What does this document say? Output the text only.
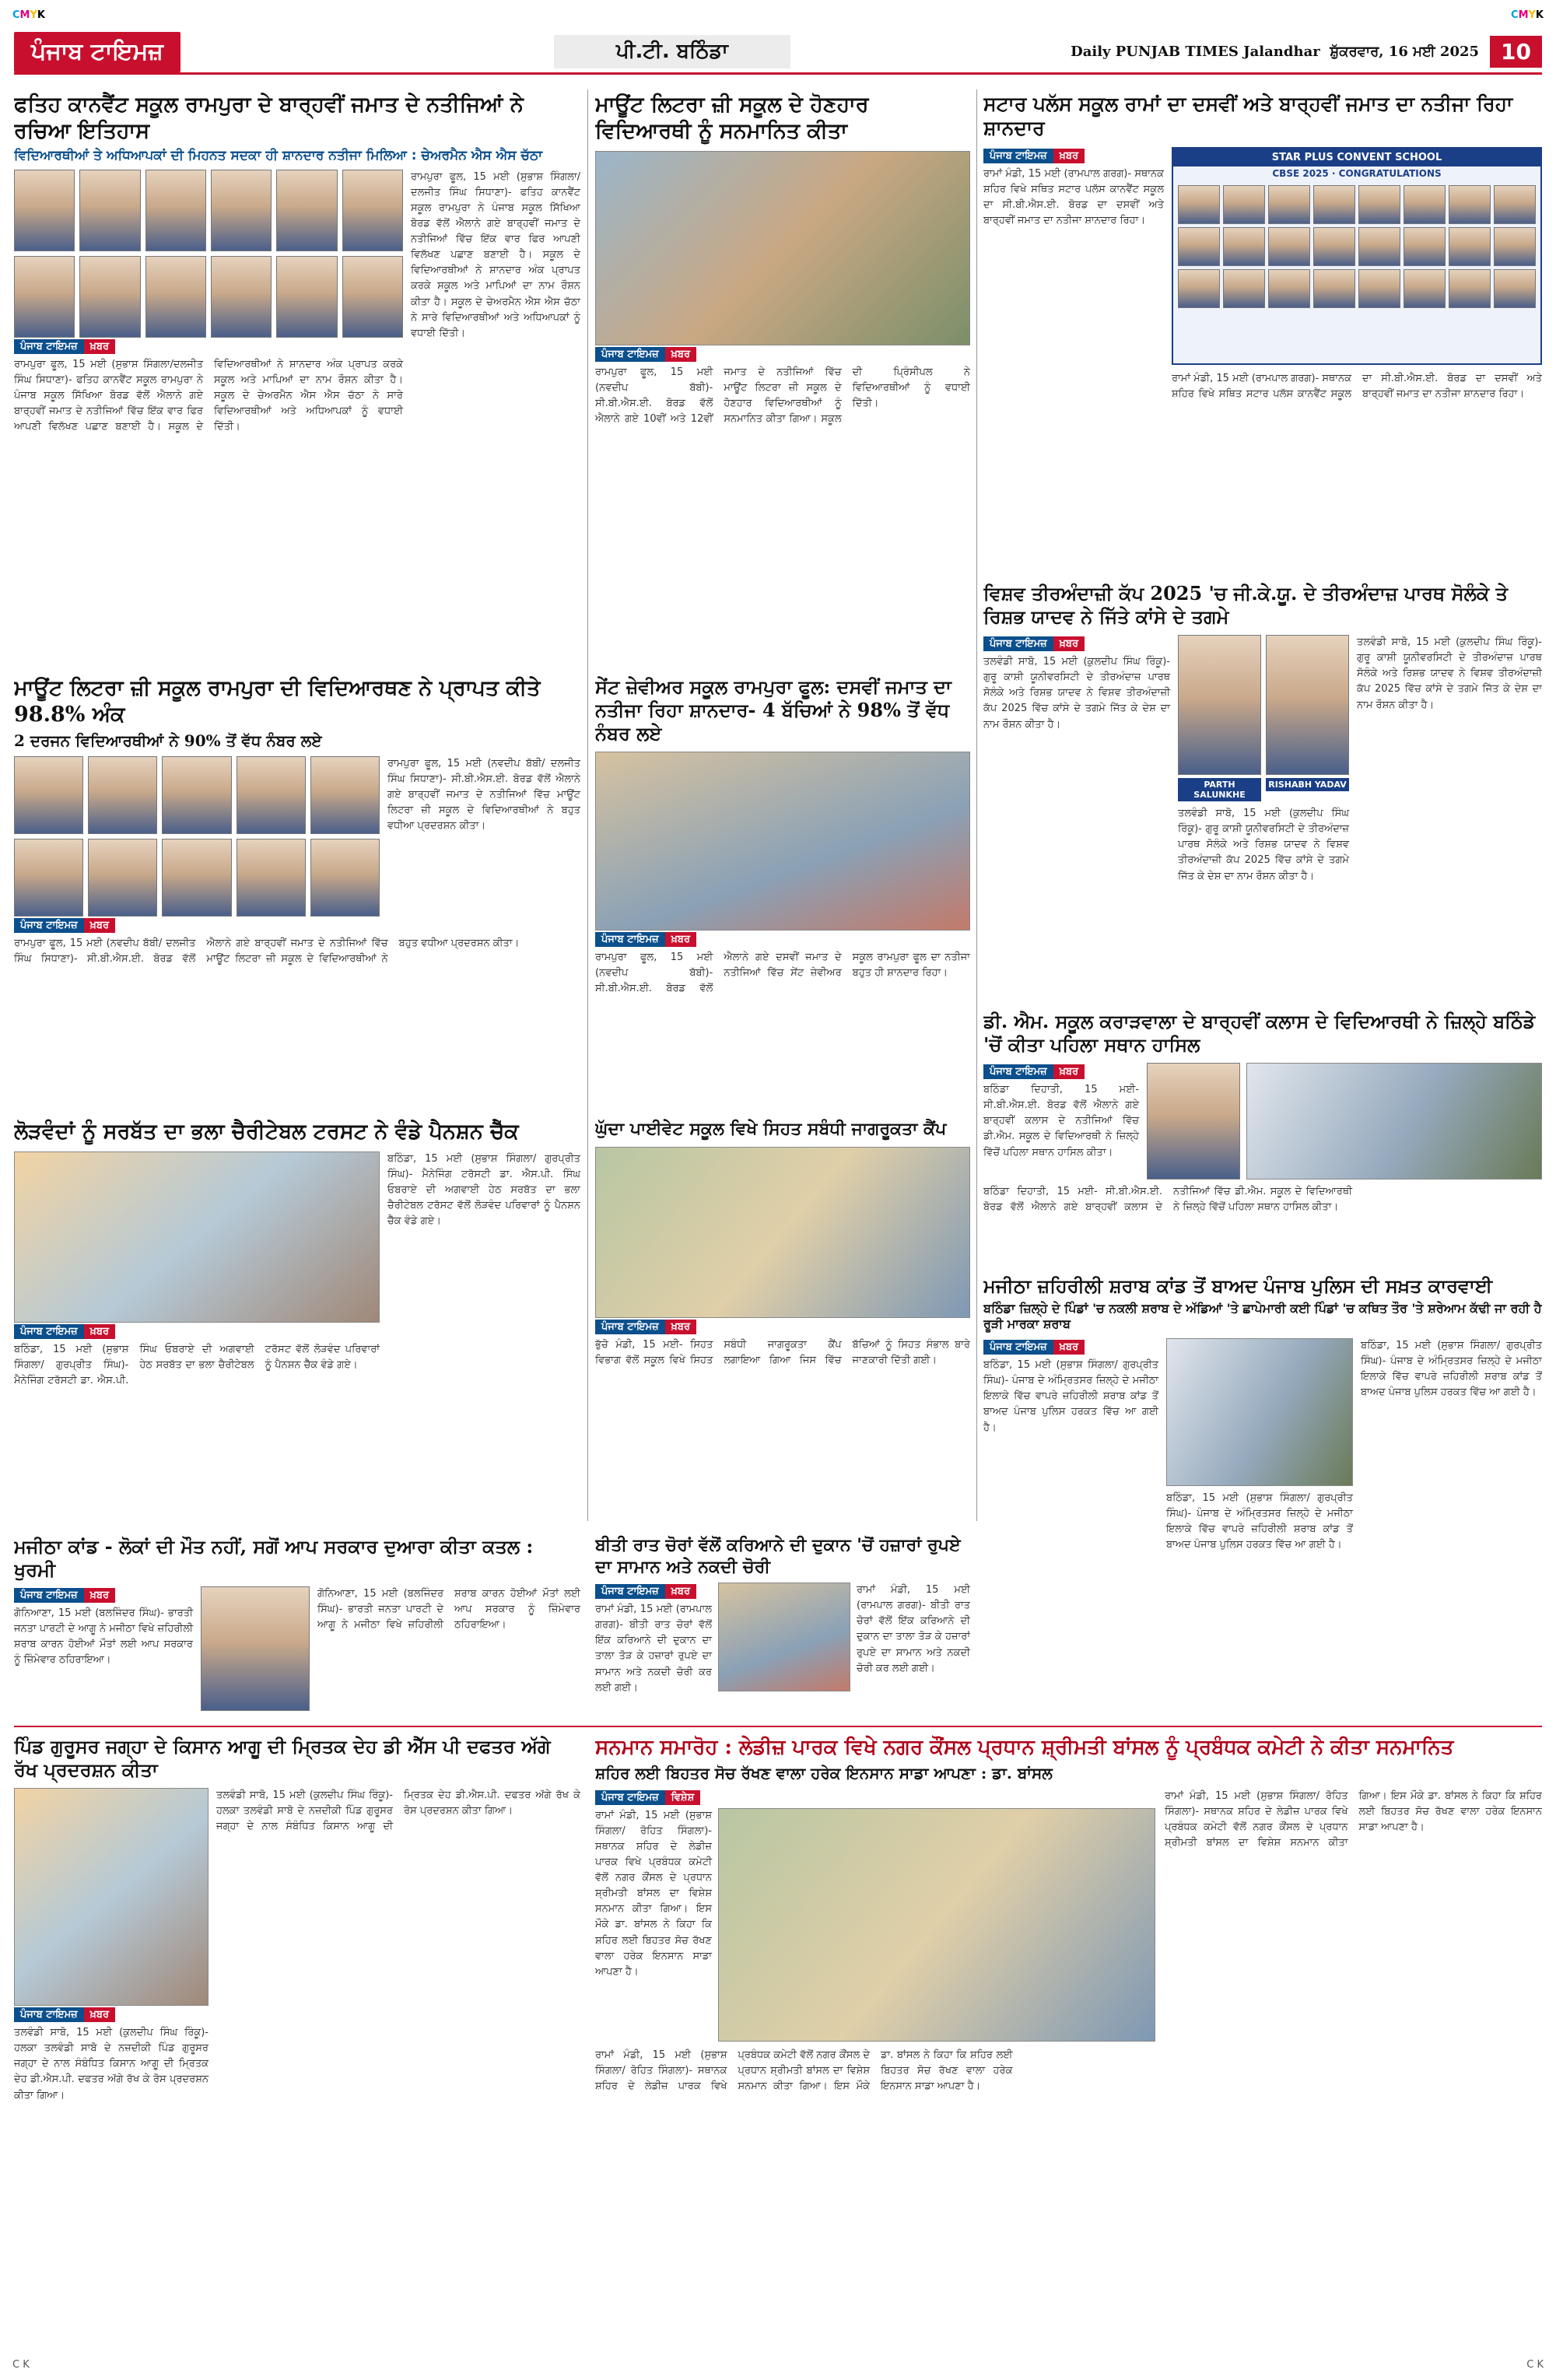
CMYK	CMYK
C K	C K
ਪੰਜਾਬ ਟਾਇਮਜ਼	ਪੀ.ਟੀ. ਬਠਿੰਡਾ	Daily PUNJAB TIMES Jalandhar ਸ਼ੁੱਕਰਵਾਰ, 16 ਮਈ 2025	10
ਫਤਿਹ ਕਾਨਵੈਂਟ ਸਕੂਲ ਰਾਮਪੁਰਾ ਦੇ ਬਾਰ੍ਹਵੀਂ ਜਮਾਤ ਦੇ ਨਤੀਜਿਆਂ ਨੇ ਰਚਿਆ ਇਤਿਹਾਸ
ਵਿਦਿਆਰਥੀਆਂ ਤੇ ਅਧਿਆਪਕਾਂ ਦੀ ਮਿਹਨਤ ਸਦਕਾ ਹੀ ਸ਼ਾਨਦਾਰ ਨਤੀਜਾ ਮਿਲਿਆ : ਚੇਅਰਮੈਨ ਐਸ ਐਸ ਚੱਠਾ
ਪੰਜਾਬ ਟਾਇਮਜ਼ ਖ਼ਬਰ
ਰਾਮਪੁਰਾ ਫੂਲ, 15 ਮਈ (ਸੁਭਾਸ਼ ਸਿੰਗਲਾ/ਦਲਜੀਤ ਸਿੰਘ ਸਿਧਾਣਾ)- ਫਤਿਹ ਕਾਨਵੈਂਟ ਸਕੂਲ ਰਾਮਪੁਰਾ ਨੇ ਪੰਜਾਬ ਸਕੂਲ ਸਿੱਖਿਆ ਬੋਰਡ ਵੱਲੋਂ ਐਲਾਨੇ ਗਏ ਬਾਰ੍ਹਵੀਂ ਜਮਾਤ ਦੇ ਨਤੀਜਿਆਂ ਵਿੱਚ ਇੱਕ ਵਾਰ ਫਿਰ ਆਪਣੀ ਵਿਲੱਖਣ ਪਛਾਣ ਬਣਾਈ ਹੈ। ਸਕੂਲ ਦੇ ਵਿਦਿਆਰਥੀਆਂ ਨੇ ਸ਼ਾਨਦਾਰ ਅੰਕ ਪ੍ਰਾਪਤ ਕਰਕੇ ਸਕੂਲ ਅਤੇ ਮਾਪਿਆਂ ਦਾ ਨਾਮ ਰੌਸ਼ਨ ਕੀਤਾ ਹੈ। ਸਕੂਲ ਦੇ ਚੇਅਰਮੈਨ ਐਸ ਐਸ ਚੱਠਾ ਨੇ ਸਾਰੇ ਵਿਦਿਆਰਥੀਆਂ ਅਤੇ ਅਧਿਆਪਕਾਂ ਨੂੰ ਵਧਾਈ ਦਿੱਤੀ।
ਰਾਮਪੁਰਾ ਫੂਲ, 15 ਮਈ (ਸੁਭਾਸ਼ ਸਿੰਗਲਾ/ਦਲਜੀਤ ਸਿੰਘ ਸਿਧਾਣਾ)- ਫਤਿਹ ਕਾਨਵੈਂਟ ਸਕੂਲ ਰਾਮਪੁਰਾ ਨੇ ਪੰਜਾਬ ਸਕੂਲ ਸਿੱਖਿਆ ਬੋਰਡ ਵੱਲੋਂ ਐਲਾਨੇ ਗਏ ਬਾਰ੍ਹਵੀਂ ਜਮਾਤ ਦੇ ਨਤੀਜਿਆਂ ਵਿੱਚ ਇੱਕ ਵਾਰ ਫਿਰ ਆਪਣੀ ਵਿਲੱਖਣ ਪਛਾਣ ਬਣਾਈ ਹੈ। ਸਕੂਲ ਦੇ ਵਿਦਿਆਰਥੀਆਂ ਨੇ ਸ਼ਾਨਦਾਰ ਅੰਕ ਪ੍ਰਾਪਤ ਕਰਕੇ ਸਕੂਲ ਅਤੇ ਮਾਪਿਆਂ ਦਾ ਨਾਮ ਰੌਸ਼ਨ ਕੀਤਾ ਹੈ। ਸਕੂਲ ਦੇ ਚੇਅਰਮੈਨ ਐਸ ਐਸ ਚੱਠਾ ਨੇ ਸਾਰੇ ਵਿਦਿਆਰਥੀਆਂ ਅਤੇ ਅਧਿਆਪਕਾਂ ਨੂੰ ਵਧਾਈ ਦਿੱਤੀ।
ਮਾਊਂਟ ਲਿਟਰਾ ਜ਼ੀ ਸਕੂਲ ਦੇ ਹੋਣਹਾਰ ਵਿਦਿਆਰਥੀ ਨੂੰ ਸਨਮਾਨਿਤ ਕੀਤਾ
ਪੰਜਾਬ ਟਾਇਮਜ਼ ਖ਼ਬਰ
ਰਾਮਪੁਰਾ ਫੂਲ, 15 ਮਈ (ਨਵਦੀਪ ਬੱਬੀ)- ਸੀ.ਬੀ.ਐਸ.ਈ. ਬੋਰਡ ਵੱਲੋਂ ਐਲਾਨੇ ਗਏ 10ਵੀਂ ਅਤੇ 12ਵੀਂ ਜਮਾਤ ਦੇ ਨਤੀਜਿਆਂ ਵਿੱਚ ਮਾਊਂਟ ਲਿਟਰਾ ਜ਼ੀ ਸਕੂਲ ਦੇ ਹੋਣਹਾਰ ਵਿਦਿਆਰਥੀਆਂ ਨੂੰ ਸਨਮਾਨਿਤ ਕੀਤਾ ਗਿਆ। ਸਕੂਲ ਦੀ ਪ੍ਰਿੰਸੀਪਲ ਨੇ ਵਿਦਿਆਰਥੀਆਂ ਨੂੰ ਵਧਾਈ ਦਿੱਤੀ।
ਸਟਾਰ ਪਲੱਸ ਸਕੂਲ ਰਾਮਾਂ ਦਾ ਦਸਵੀਂ ਅਤੇ ਬਾਰ੍ਹਵੀਂ ਜਮਾਤ ਦਾ ਨਤੀਜਾ ਰਿਹਾ ਸ਼ਾਨਦਾਰ
ਪੰਜਾਬ ਟਾਇਮਜ਼ ਖ਼ਬਰ
ਰਾਮਾਂ ਮੰਡੀ, 15 ਮਈ (ਰਾਮਪਾਲ ਗਰਗ)- ਸਥਾਨਕ ਸ਼ਹਿਰ ਵਿਖੇ ਸਥਿਤ ਸਟਾਰ ਪਲੱਸ ਕਾਨਵੈਂਟ ਸਕੂਲ ਦਾ ਸੀ.ਬੀ.ਐਸ.ਈ. ਬੋਰਡ ਦਾ ਦਸਵੀਂ ਅਤੇ ਬਾਰ੍ਹਵੀਂ ਜਮਾਤ ਦਾ ਨਤੀਜਾ ਸ਼ਾਨਦਾਰ ਰਿਹਾ।
STAR PLUS CONVENT SCHOOL
CBSE 2025 · CONGRATULATIONS
ਰਾਮਾਂ ਮੰਡੀ, 15 ਮਈ (ਰਾਮਪਾਲ ਗਰਗ)- ਸਥਾਨਕ ਸ਼ਹਿਰ ਵਿਖੇ ਸਥਿਤ ਸਟਾਰ ਪਲੱਸ ਕਾਨਵੈਂਟ ਸਕੂਲ ਦਾ ਸੀ.ਬੀ.ਐਸ.ਈ. ਬੋਰਡ ਦਾ ਦਸਵੀਂ ਅਤੇ ਬਾਰ੍ਹਵੀਂ ਜਮਾਤ ਦਾ ਨਤੀਜਾ ਸ਼ਾਨਦਾਰ ਰਿਹਾ।
ਮਾਊਂਟ ਲਿਟਰਾ ਜ਼ੀ ਸਕੂਲ ਰਾਮਪੁਰਾ ਦੀ ਵਿਦਿਆਰਥਣ ਨੇ ਪ੍ਰਾਪਤ ਕੀਤੇ 98.8% ਅੰਕ
2 ਦਰਜਨ ਵਿਦਿਆਰਥੀਆਂ ਨੇ 90% ਤੋਂ ਵੱਧ ਨੰਬਰ ਲਏ
ਰਾਮਪੁਰਾ ਫੂਲ, 15 ਮਈ (ਨਵਦੀਪ ਬੱਬੀ/ ਦਲਜੀਤ ਸਿੰਘ ਸਿਧਾਣਾ)- ਸੀ.ਬੀ.ਐਸ.ਈ. ਬੋਰਡ ਵੱਲੋਂ ਐਲਾਨੇ ਗਏ ਬਾਰ੍ਹਵੀਂ ਜਮਾਤ ਦੇ ਨਤੀਜਿਆਂ ਵਿੱਚ ਮਾਊਂਟ ਲਿਟਰਾ ਜ਼ੀ ਸਕੂਲ ਦੇ ਵਿਦਿਆਰਥੀਆਂ ਨੇ ਬਹੁਤ ਵਧੀਆ ਪ੍ਰਦਰਸ਼ਨ ਕੀਤਾ।
ਪੰਜਾਬ ਟਾਇਮਜ਼ ਖ਼ਬਰ
ਰਾਮਪੁਰਾ ਫੂਲ, 15 ਮਈ (ਨਵਦੀਪ ਬੱਬੀ/ ਦਲਜੀਤ ਸਿੰਘ ਸਿਧਾਣਾ)- ਸੀ.ਬੀ.ਐਸ.ਈ. ਬੋਰਡ ਵੱਲੋਂ ਐਲਾਨੇ ਗਏ ਬਾਰ੍ਹਵੀਂ ਜਮਾਤ ਦੇ ਨਤੀਜਿਆਂ ਵਿੱਚ ਮਾਊਂਟ ਲਿਟਰਾ ਜ਼ੀ ਸਕੂਲ ਦੇ ਵਿਦਿਆਰਥੀਆਂ ਨੇ ਬਹੁਤ ਵਧੀਆ ਪ੍ਰਦਰਸ਼ਨ ਕੀਤਾ।
ਸੇਂਟ ਜ਼ੇਵੀਅਰ ਸਕੂਲ ਰਾਮਪੁਰਾ ਫੂਲ: ਦਸਵੀਂ ਜਮਾਤ ਦਾ ਨਤੀਜਾ ਰਿਹਾ ਸ਼ਾਨਦਾਰ- 4 ਬੱਚਿਆਂ ਨੇ 98% ਤੋਂ ਵੱਧ ਨੰਬਰ ਲਏ
ਪੰਜਾਬ ਟਾਇਮਜ਼ ਖ਼ਬਰ
ਰਾਮਪੁਰਾ ਫੂਲ, 15 ਮਈ (ਨਵਦੀਪ ਬੱਬੀ)- ਸੀ.ਬੀ.ਐਸ.ਈ. ਬੋਰਡ ਵੱਲੋਂ ਐਲਾਨੇ ਗਏ ਦਸਵੀਂ ਜਮਾਤ ਦੇ ਨਤੀਜਿਆਂ ਵਿੱਚ ਸੇਂਟ ਜ਼ੇਵੀਅਰ ਸਕੂਲ ਰਾਮਪੁਰਾ ਫੂਲ ਦਾ ਨਤੀਜਾ ਬਹੁਤ ਹੀ ਸ਼ਾਨਦਾਰ ਰਿਹਾ।
ਵਿਸ਼ਵ ਤੀਰਅੰਦਾਜ਼ੀ ਕੱਪ 2025 'ਚ ਜੀ.ਕੇ.ਯੂ. ਦੇ ਤੀਰਅੰਦਾਜ਼ ਪਾਰਥ ਸੋਲੰਕੇ ਤੇ ਰਿਸ਼ਭ ਯਾਦਵ ਨੇ ਜਿੱਤੇ ਕਾਂਸੇ ਦੇ ਤਗਮੇ
ਪੰਜਾਬ ਟਾਇਮਜ਼ ਖ਼ਬਰ
ਤਲਵੰਡੀ ਸਾਬੋ, 15 ਮਈ (ਕੁਲਦੀਪ ਸਿੰਘ ਰਿੰਕੂ)- ਗੁਰੂ ਕਾਸ਼ੀ ਯੂਨੀਵਰਸਿਟੀ ਦੇ ਤੀਰਅੰਦਾਜ਼ ਪਾਰਥ ਸੋਲੰਕੇ ਅਤੇ ਰਿਸ਼ਭ ਯਾਦਵ ਨੇ ਵਿਸ਼ਵ ਤੀਰਅੰਦਾਜ਼ੀ ਕੱਪ 2025 ਵਿੱਚ ਕਾਂਸੇ ਦੇ ਤਗਮੇ ਜਿੱਤ ਕੇ ਦੇਸ਼ ਦਾ ਨਾਮ ਰੌਸ਼ਨ ਕੀਤਾ ਹੈ।
PARTH SALUNKHE
RISHABH YADAV
ਤਲਵੰਡੀ ਸਾਬੋ, 15 ਮਈ (ਕੁਲਦੀਪ ਸਿੰਘ ਰਿੰਕੂ)- ਗੁਰੂ ਕਾਸ਼ੀ ਯੂਨੀਵਰਸਿਟੀ ਦੇ ਤੀਰਅੰਦਾਜ਼ ਪਾਰਥ ਸੋਲੰਕੇ ਅਤੇ ਰਿਸ਼ਭ ਯਾਦਵ ਨੇ ਵਿਸ਼ਵ ਤੀਰਅੰਦਾਜ਼ੀ ਕੱਪ 2025 ਵਿੱਚ ਕਾਂਸੇ ਦੇ ਤਗਮੇ ਜਿੱਤ ਕੇ ਦੇਸ਼ ਦਾ ਨਾਮ ਰੌਸ਼ਨ ਕੀਤਾ ਹੈ।
ਤਲਵੰਡੀ ਸਾਬੋ, 15 ਮਈ (ਕੁਲਦੀਪ ਸਿੰਘ ਰਿੰਕੂ)- ਗੁਰੂ ਕਾਸ਼ੀ ਯੂਨੀਵਰਸਿਟੀ ਦੇ ਤੀਰਅੰਦਾਜ਼ ਪਾਰਥ ਸੋਲੰਕੇ ਅਤੇ ਰਿਸ਼ਭ ਯਾਦਵ ਨੇ ਵਿਸ਼ਵ ਤੀਰਅੰਦਾਜ਼ੀ ਕੱਪ 2025 ਵਿੱਚ ਕਾਂਸੇ ਦੇ ਤਗਮੇ ਜਿੱਤ ਕੇ ਦੇਸ਼ ਦਾ ਨਾਮ ਰੌਸ਼ਨ ਕੀਤਾ ਹੈ।
ਡੀ. ਐਮ. ਸਕੂਲ ਕਰਾੜਵਾਲਾ ਦੇ ਬਾਰ੍ਹਵੀਂ ਕਲਾਸ ਦੇ ਵਿਦਿਆਰਥੀ ਨੇ ਜ਼ਿਲ੍ਹੇ ਬਠਿੰਡੇ 'ਚੋਂ ਕੀਤਾ ਪਹਿਲਾ ਸਥਾਨ ਹਾਸਿਲ
ਪੰਜਾਬ ਟਾਇਮਜ਼ ਖ਼ਬਰ
ਬਠਿੰਡਾ ਦਿਹਾਤੀ, 15 ਮਈ- ਸੀ.ਬੀ.ਐਸ.ਈ. ਬੋਰਡ ਵੱਲੋਂ ਐਲਾਨੇ ਗਏ ਬਾਰ੍ਹਵੀਂ ਕਲਾਸ ਦੇ ਨਤੀਜਿਆਂ ਵਿੱਚ ਡੀ.ਐਮ. ਸਕੂਲ ਦੇ ਵਿਦਿਆਰਥੀ ਨੇ ਜ਼ਿਲ੍ਹੇ ਵਿੱਚੋਂ ਪਹਿਲਾ ਸਥਾਨ ਹਾਸਿਲ ਕੀਤਾ।
ਬਠਿੰਡਾ ਦਿਹਾਤੀ, 15 ਮਈ- ਸੀ.ਬੀ.ਐਸ.ਈ. ਬੋਰਡ ਵੱਲੋਂ ਐਲਾਨੇ ਗਏ ਬਾਰ੍ਹਵੀਂ ਕਲਾਸ ਦੇ ਨਤੀਜਿਆਂ ਵਿੱਚ ਡੀ.ਐਮ. ਸਕੂਲ ਦੇ ਵਿਦਿਆਰਥੀ ਨੇ ਜ਼ਿਲ੍ਹੇ ਵਿੱਚੋਂ ਪਹਿਲਾ ਸਥਾਨ ਹਾਸਿਲ ਕੀਤਾ।
ਲੋੜਵੰਦਾਂ ਨੂੰ ਸਰਬੱਤ ਦਾ ਭਲਾ ਚੈਰੀਟੇਬਲ ਟਰਸਟ ਨੇ ਵੰਡੇ ਪੈਨਸ਼ਨ ਚੈੱਕ
ਪੰਜਾਬ ਟਾਇਮਜ਼ ਖ਼ਬਰ
ਬਠਿੰਡਾ, 15 ਮਈ (ਸੁਭਾਸ਼ ਸਿੰਗਲਾ/ ਗੁਰਪ੍ਰੀਤ ਸਿੰਘ)- ਮੈਨੇਜਿੰਗ ਟਰੱਸਟੀ ਡਾ. ਐਸ.ਪੀ. ਸਿੰਘ ਓਬਰਾਏ ਦੀ ਅਗਵਾਈ ਹੇਠ ਸਰਬੱਤ ਦਾ ਭਲਾ ਚੈਰੀਟੇਬਲ ਟਰੱਸਟ ਵੱਲੋਂ ਲੋੜਵੰਦ ਪਰਿਵਾਰਾਂ ਨੂੰ ਪੈਨਸ਼ਨ ਚੈੱਕ ਵੰਡੇ ਗਏ।
ਬਠਿੰਡਾ, 15 ਮਈ (ਸੁਭਾਸ਼ ਸਿੰਗਲਾ/ ਗੁਰਪ੍ਰੀਤ ਸਿੰਘ)- ਮੈਨੇਜਿੰਗ ਟਰੱਸਟੀ ਡਾ. ਐਸ.ਪੀ. ਸਿੰਘ ਓਬਰਾਏ ਦੀ ਅਗਵਾਈ ਹੇਠ ਸਰਬੱਤ ਦਾ ਭਲਾ ਚੈਰੀਟੇਬਲ ਟਰੱਸਟ ਵੱਲੋਂ ਲੋੜਵੰਦ ਪਰਿਵਾਰਾਂ ਨੂੰ ਪੈਨਸ਼ਨ ਚੈੱਕ ਵੰਡੇ ਗਏ।
ਘੁੱਦਾ ਪਾਈਵੇਟ ਸਕੂਲ ਵਿਖੇ ਸਿਹਤ ਸਬੰਧੀ ਜਾਗਰੂਕਤਾ ਕੈਂਪ
ਪੰਜਾਬ ਟਾਇਮਜ਼ ਖ਼ਬਰ
ਭੁੱਚੋ ਮੰਡੀ, 15 ਮਈ- ਸਿਹਤ ਵਿਭਾਗ ਵੱਲੋਂ ਸਕੂਲ ਵਿਖੇ ਸਿਹਤ ਸਬੰਧੀ ਜਾਗਰੂਕਤਾ ਕੈਂਪ ਲਗਾਇਆ ਗਿਆ ਜਿਸ ਵਿੱਚ ਬੱਚਿਆਂ ਨੂੰ ਸਿਹਤ ਸੰਭਾਲ ਬਾਰੇ ਜਾਣਕਾਰੀ ਦਿੱਤੀ ਗਈ।
ਮਜੀਠਾ ਜ਼ਹਿਰੀਲੀ ਸ਼ਰਾਬ ਕਾਂਡ ਤੋਂ ਬਾਅਦ ਪੰਜਾਬ ਪੁਲਿਸ ਦੀ ਸਖ਼ਤ ਕਾਰਵਾਈ
ਬਠਿੰਡਾ ਜ਼ਿਲ੍ਹੇ ਦੇ ਪਿੰਡਾਂ 'ਚ ਨਕਲੀ ਸ਼ਰਾਬ ਦੇ ਅੱਡਿਆਂ 'ਤੇ ਛਾਪੇਮਾਰੀ ਕਈ ਪਿੰਡਾਂ 'ਚ ਕਥਿਤ ਤੌਰ 'ਤੇ ਸ਼ਰੇਆਮ ਕੱਢੀ ਜਾ ਰਹੀ ਹੈ ਰੂੜੀ ਮਾਰਕਾ ਸ਼ਰਾਬ
ਪੰਜਾਬ ਟਾਇਮਜ਼ ਖ਼ਬਰ
ਬਠਿੰਡਾ, 15 ਮਈ (ਸੁਭਾਸ਼ ਸਿੰਗਲਾ/ ਗੁਰਪ੍ਰੀਤ ਸਿੰਘ)- ਪੰਜਾਬ ਦੇ ਅੰਮ੍ਰਿਤਸਰ ਜ਼ਿਲ੍ਹੇ ਦੇ ਮਜੀਠਾ ਇਲਾਕੇ ਵਿੱਚ ਵਾਪਰੇ ਜ਼ਹਿਰੀਲੀ ਸ਼ਰਾਬ ਕਾਂਡ ਤੋਂ ਬਾਅਦ ਪੰਜਾਬ ਪੁਲਿਸ ਹਰਕਤ ਵਿੱਚ ਆ ਗਈ ਹੈ।
ਬਠਿੰਡਾ, 15 ਮਈ (ਸੁਭਾਸ਼ ਸਿੰਗਲਾ/ ਗੁਰਪ੍ਰੀਤ ਸਿੰਘ)- ਪੰਜਾਬ ਦੇ ਅੰਮ੍ਰਿਤਸਰ ਜ਼ਿਲ੍ਹੇ ਦੇ ਮਜੀਠਾ ਇਲਾਕੇ ਵਿੱਚ ਵਾਪਰੇ ਜ਼ਹਿਰੀਲੀ ਸ਼ਰਾਬ ਕਾਂਡ ਤੋਂ ਬਾਅਦ ਪੰਜਾਬ ਪੁਲਿਸ ਹਰਕਤ ਵਿੱਚ ਆ ਗਈ ਹੈ।
ਬਠਿੰਡਾ, 15 ਮਈ (ਸੁਭਾਸ਼ ਸਿੰਗਲਾ/ ਗੁਰਪ੍ਰੀਤ ਸਿੰਘ)- ਪੰਜਾਬ ਦੇ ਅੰਮ੍ਰਿਤਸਰ ਜ਼ਿਲ੍ਹੇ ਦੇ ਮਜੀਠਾ ਇਲਾਕੇ ਵਿੱਚ ਵਾਪਰੇ ਜ਼ਹਿਰੀਲੀ ਸ਼ਰਾਬ ਕਾਂਡ ਤੋਂ ਬਾਅਦ ਪੰਜਾਬ ਪੁਲਿਸ ਹਰਕਤ ਵਿੱਚ ਆ ਗਈ ਹੈ।
ਬੀਤੀ ਰਾਤ ਚੋਰਾਂ ਵੱਲੋਂ ਕਰਿਆਨੇ ਦੀ ਦੁਕਾਨ 'ਚੋਂ ਹਜ਼ਾਰਾਂ ਰੁਪਏ ਦਾ ਸਾਮਾਨ ਅਤੇ ਨਕਦੀ ਚੋਰੀ
ਪੰਜਾਬ ਟਾਇਮਜ਼ ਖ਼ਬਰ
ਰਾਮਾਂ ਮੰਡੀ, 15 ਮਈ (ਰਾਮਪਾਲ ਗਰਗ)- ਬੀਤੀ ਰਾਤ ਚੋਰਾਂ ਵੱਲੋਂ ਇੱਕ ਕਰਿਆਨੇ ਦੀ ਦੁਕਾਨ ਦਾ ਤਾਲਾ ਤੋੜ ਕੇ ਹਜ਼ਾਰਾਂ ਰੁਪਏ ਦਾ ਸਾਮਾਨ ਅਤੇ ਨਕਦੀ ਚੋਰੀ ਕਰ ਲਈ ਗਈ।
ਰਾਮਾਂ ਮੰਡੀ, 15 ਮਈ (ਰਾਮਪਾਲ ਗਰਗ)- ਬੀਤੀ ਰਾਤ ਚੋਰਾਂ ਵੱਲੋਂ ਇੱਕ ਕਰਿਆਨੇ ਦੀ ਦੁਕਾਨ ਦਾ ਤਾਲਾ ਤੋੜ ਕੇ ਹਜ਼ਾਰਾਂ ਰੁਪਏ ਦਾ ਸਾਮਾਨ ਅਤੇ ਨਕਦੀ ਚੋਰੀ ਕਰ ਲਈ ਗਈ।
ਮਜੀਠਾ ਕਾਂਡ - ਲੋਕਾਂ ਦੀ ਮੌਤ ਨਹੀਂ, ਸਗੋਂ ਆਪ ਸਰਕਾਰ ਦੁਆਰਾ ਕੀਤਾ ਕਤਲ : ਖੁਰਮੀ
ਪੰਜਾਬ ਟਾਇਮਜ਼ ਖ਼ਬਰ
ਗੋਨਿਆਣਾ, 15 ਮਈ (ਬਲਜਿੰਦਰ ਸਿੰਘ)- ਭਾਰਤੀ ਜਨਤਾ ਪਾਰਟੀ ਦੇ ਆਗੂ ਨੇ ਮਜੀਠਾ ਵਿਖੇ ਜ਼ਹਿਰੀਲੀ ਸ਼ਰਾਬ ਕਾਰਨ ਹੋਈਆਂ ਮੌਤਾਂ ਲਈ ਆਪ ਸਰਕਾਰ ਨੂੰ ਜ਼ਿੰਮੇਵਾਰ ਠਹਿਰਾਇਆ।
ਗੋਨਿਆਣਾ, 15 ਮਈ (ਬਲਜਿੰਦਰ ਸਿੰਘ)- ਭਾਰਤੀ ਜਨਤਾ ਪਾਰਟੀ ਦੇ ਆਗੂ ਨੇ ਮਜੀਠਾ ਵਿਖੇ ਜ਼ਹਿਰੀਲੀ ਸ਼ਰਾਬ ਕਾਰਨ ਹੋਈਆਂ ਮੌਤਾਂ ਲਈ ਆਪ ਸਰਕਾਰ ਨੂੰ ਜ਼ਿੰਮੇਵਾਰ ਠਹਿਰਾਇਆ।
ਪਿੰਡ ਗੁਰੂਸਰ ਜਗ੍ਹਾ ਦੇ ਕਿਸਾਨ ਆਗੂ ਦੀ ਮ੍ਰਿਤਕ ਦੇਹ ਡੀ ਐੱਸ ਪੀ ਦਫਤਰ ਅੱਗੇ ਰੱਖ ਪ੍ਰਦਰਸ਼ਨ ਕੀਤਾ
ਪੰਜਾਬ ਟਾਇਮਜ਼ ਖ਼ਬਰ
ਤਲਵੰਡੀ ਸਾਬੋ, 15 ਮਈ (ਕੁਲਦੀਪ ਸਿੰਘ ਰਿੰਕੂ)- ਹਲਕਾ ਤਲਵੰਡੀ ਸਾਬੋ ਦੇ ਨਜ਼ਦੀਕੀ ਪਿੰਡ ਗੁਰੂਸਰ ਜਗ੍ਹਾ ਦੇ ਨਾਲ ਸੰਬੰਧਿਤ ਕਿਸਾਨ ਆਗੂ ਦੀ ਮ੍ਰਿਤਕ ਦੇਹ ਡੀ.ਐਸ.ਪੀ. ਦਫਤਰ ਅੱਗੇ ਰੱਖ ਕੇ ਰੋਸ ਪ੍ਰਦਰਸ਼ਨ ਕੀਤਾ ਗਿਆ।
ਤਲਵੰਡੀ ਸਾਬੋ, 15 ਮਈ (ਕੁਲਦੀਪ ਸਿੰਘ ਰਿੰਕੂ)- ਹਲਕਾ ਤਲਵੰਡੀ ਸਾਬੋ ਦੇ ਨਜ਼ਦੀਕੀ ਪਿੰਡ ਗੁਰੂਸਰ ਜਗ੍ਹਾ ਦੇ ਨਾਲ ਸੰਬੰਧਿਤ ਕਿਸਾਨ ਆਗੂ ਦੀ ਮ੍ਰਿਤਕ ਦੇਹ ਡੀ.ਐਸ.ਪੀ. ਦਫਤਰ ਅੱਗੇ ਰੱਖ ਕੇ ਰੋਸ ਪ੍ਰਦਰਸ਼ਨ ਕੀਤਾ ਗਿਆ।
ਸਨਮਾਨ ਸਮਾਰੋਹ : ਲੇਡੀਜ਼ ਪਾਰਕ ਵਿਖੇ ਨਗਰ ਕੌਂਸਲ ਪ੍ਰਧਾਨ ਸ਼੍ਰੀਮਤੀ ਬਾਂਸਲ ਨੂੰ ਪ੍ਰਬੰਧਕ ਕਮੇਟੀ ਨੇ ਕੀਤਾ ਸਨਮਾਨਿਤ
ਸ਼ਹਿਰ ਲਈ ਬਿਹਤਰ ਸੋਚ ਰੱਖਣ ਵਾਲਾ ਹਰੇਕ ਇਨਸਾਨ ਸਾਡਾ ਆਪਣਾ : ਡਾ. ਬਾਂਸਲ
ਪੰਜਾਬ ਟਾਇਮਜ਼ ਵਿਸ਼ੇਸ਼
ਰਾਮਾਂ ਮੰਡੀ, 15 ਮਈ (ਸੁਭਾਸ਼ ਸਿੰਗਲਾ/ ਰੋਹਿਤ ਸਿੰਗਲਾ)- ਸਥਾਨਕ ਸ਼ਹਿਰ ਦੇ ਲੇਡੀਜ਼ ਪਾਰਕ ਵਿਖੇ ਪ੍ਰਬੰਧਕ ਕਮੇਟੀ ਵੱਲੋਂ ਨਗਰ ਕੌਂਸਲ ਦੇ ਪ੍ਰਧਾਨ ਸ਼੍ਰੀਮਤੀ ਬਾਂਸਲ ਦਾ ਵਿਸ਼ੇਸ਼ ਸਨਮਾਨ ਕੀਤਾ ਗਿਆ। ਇਸ ਮੌਕੇ ਡਾ. ਬਾਂਸਲ ਨੇ ਕਿਹਾ ਕਿ ਸ਼ਹਿਰ ਲਈ ਬਿਹਤਰ ਸੋਚ ਰੱਖਣ ਵਾਲਾ ਹਰੇਕ ਇਨਸਾਨ ਸਾਡਾ ਆਪਣਾ ਹੈ।
ਰਾਮਾਂ ਮੰਡੀ, 15 ਮਈ (ਸੁਭਾਸ਼ ਸਿੰਗਲਾ/ ਰੋਹਿਤ ਸਿੰਗਲਾ)- ਸਥਾਨਕ ਸ਼ਹਿਰ ਦੇ ਲੇਡੀਜ਼ ਪਾਰਕ ਵਿਖੇ ਪ੍ਰਬੰਧਕ ਕਮੇਟੀ ਵੱਲੋਂ ਨਗਰ ਕੌਂਸਲ ਦੇ ਪ੍ਰਧਾਨ ਸ਼੍ਰੀਮਤੀ ਬਾਂਸਲ ਦਾ ਵਿਸ਼ੇਸ਼ ਸਨਮਾਨ ਕੀਤਾ ਗਿਆ। ਇਸ ਮੌਕੇ ਡਾ. ਬਾਂਸਲ ਨੇ ਕਿਹਾ ਕਿ ਸ਼ਹਿਰ ਲਈ ਬਿਹਤਰ ਸੋਚ ਰੱਖਣ ਵਾਲਾ ਹਰੇਕ ਇਨਸਾਨ ਸਾਡਾ ਆਪਣਾ ਹੈ।
ਰਾਮਾਂ ਮੰਡੀ, 15 ਮਈ (ਸੁਭਾਸ਼ ਸਿੰਗਲਾ/ ਰੋਹਿਤ ਸਿੰਗਲਾ)- ਸਥਾਨਕ ਸ਼ਹਿਰ ਦੇ ਲੇਡੀਜ਼ ਪਾਰਕ ਵਿਖੇ ਪ੍ਰਬੰਧਕ ਕਮੇਟੀ ਵੱਲੋਂ ਨਗਰ ਕੌਂਸਲ ਦੇ ਪ੍ਰਧਾਨ ਸ਼੍ਰੀਮਤੀ ਬਾਂਸਲ ਦਾ ਵਿਸ਼ੇਸ਼ ਸਨਮਾਨ ਕੀਤਾ ਗਿਆ। ਇਸ ਮੌਕੇ ਡਾ. ਬਾਂਸਲ ਨੇ ਕਿਹਾ ਕਿ ਸ਼ਹਿਰ ਲਈ ਬਿਹਤਰ ਸੋਚ ਰੱਖਣ ਵਾਲਾ ਹਰੇਕ ਇਨਸਾਨ ਸਾਡਾ ਆਪਣਾ ਹੈ।
